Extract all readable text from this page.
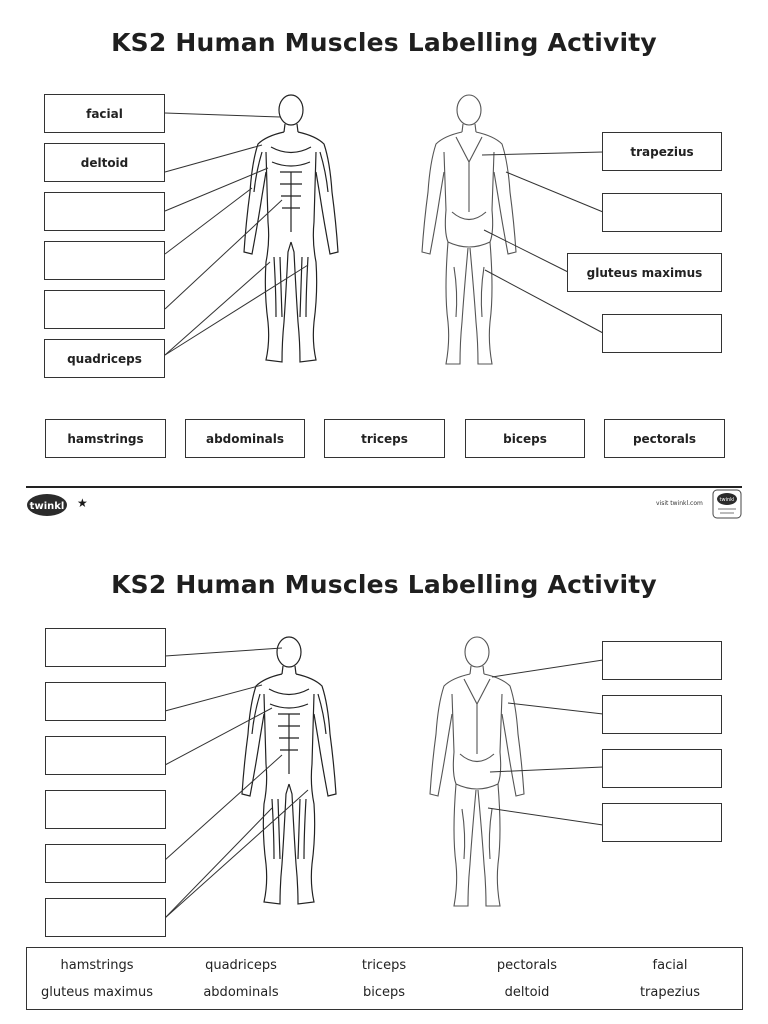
KS2 Human Muscles Labelling Activity
facial
deltoid
quadriceps
trapezius
gluteus maximus
hamstrings	abdominals	triceps	biceps	pectorals
twinkl ★	visit twinkl.com	twinkl
KS2 Human Muscles Labelling Activity
hamstrings	quadriceps	triceps	pectorals	facial
gluteus maximus	abdominals	biceps	deltoid	trapezius
